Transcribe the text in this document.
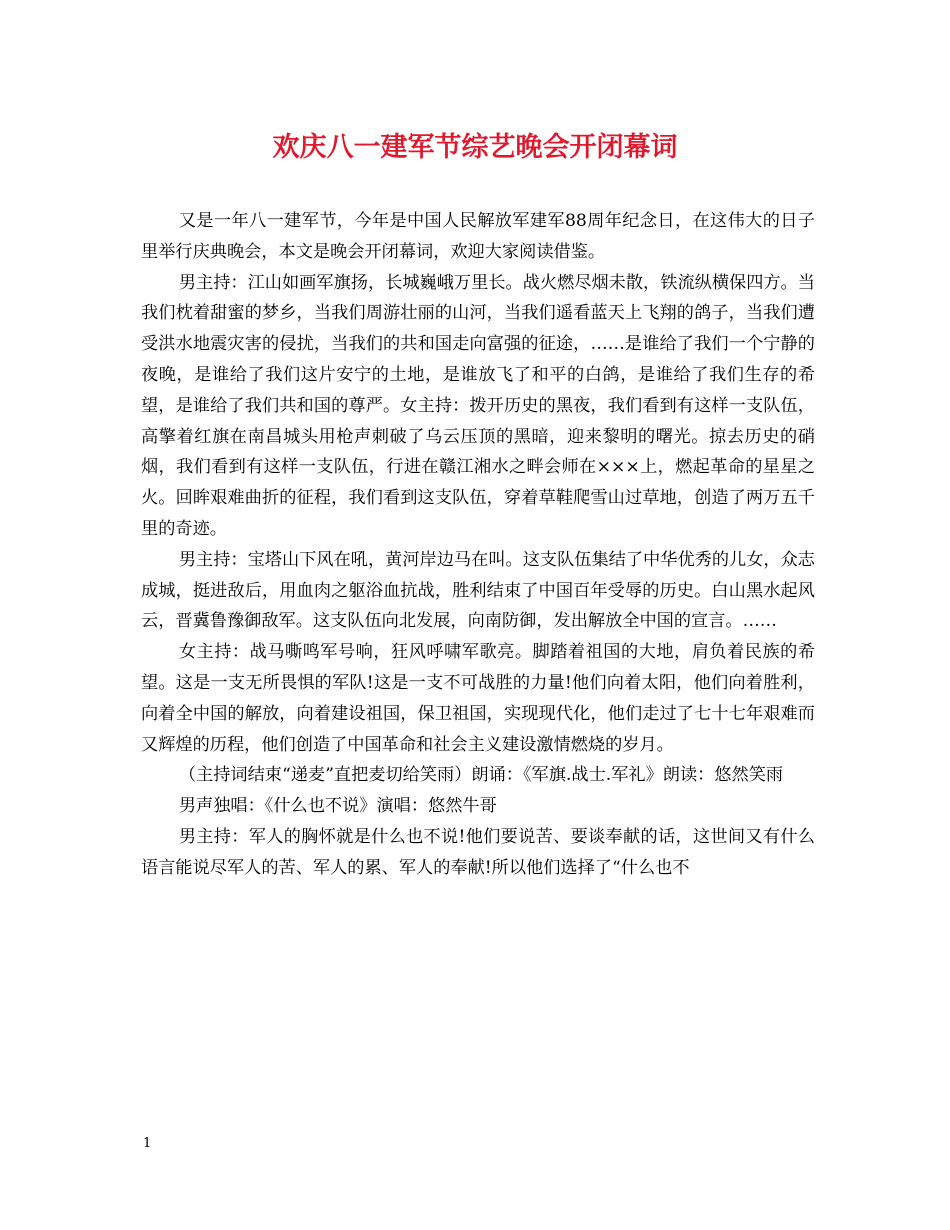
欢庆八一建军节综艺晚会开闭幕词

又是一年八一建军节，今年是中国人民解放军建军88周年纪念日，在这伟大的日子里举行庆典晚会，本文是晚会开闭幕词，欢迎大家阅读借鉴。

男主持：江山如画军旗扬，长城巍峨万里长。战火燃尽烟未散，铁流纵横保四方。当我们枕着甜蜜的梦乡，当我们周游壮丽的山河，当我们遥看蓝天上飞翔的鸽子，当我们遭受洪水地震灾害的侵扰，当我们的共和国走向富强的征途，……是谁给了我们一个宁静的夜晚，是谁给了我们这片安宁的土地，是谁放飞了和平的白鸽，是谁给了我们生存的希望，是谁给了我们共和国的尊严。女主持：拨开历史的黑夜，我们看到有这样一支队伍，高擎着红旗在南昌城头用枪声刺破了乌云压顶的黑暗，迎来黎明的曙光。掠去历史的硝烟，我们看到有这样一支队伍，行进在赣江湘水之畔会师在×××上，燃起革命的星星之火。回眸艰难曲折的征程，我们看到这支队伍，穿着草鞋爬雪山过草地，创造了两万五千里的奇迹。

男主持：宝塔山下风在吼，黄河岸边马在叫。这支队伍集结了中华优秀的儿女，众志成城，挺进敌后，用血肉之躯浴血抗战，胜利结束了中国百年受辱的历史。白山黑水起风云，晋冀鲁豫御敌军。这支队伍向北发展，向南防御，发出解放全中国的宣言。……

女主持：战马嘶鸣军号响，狂风呼啸军歌亮。脚踏着祖国的大地，肩负着民族的希望。这是一支无所畏惧的军队!这是一支不可战胜的力量!他们向着太阳，他们向着胜利，向着全中国的解放，向着建设祖国，保卫祖国，实现现代化，他们走过了七十七年艰难而又辉煌的历程，他们创造了中国革命和社会主义建设激情燃烧的岁月。

（主持词结束“递麦”直把麦切给笑雨）朗诵：《军旗.战士.军礼》朗读：悠然笑雨

男声独唱：《什么也不说》演唱：悠然牛哥

男主持：军人的胸怀就是什么也不说!他们要说苦、要谈奉献的话，这世间又有什么语言能说尽军人的苦、军人的累、军人的奉献!所以他们选择了“什么也不

1
